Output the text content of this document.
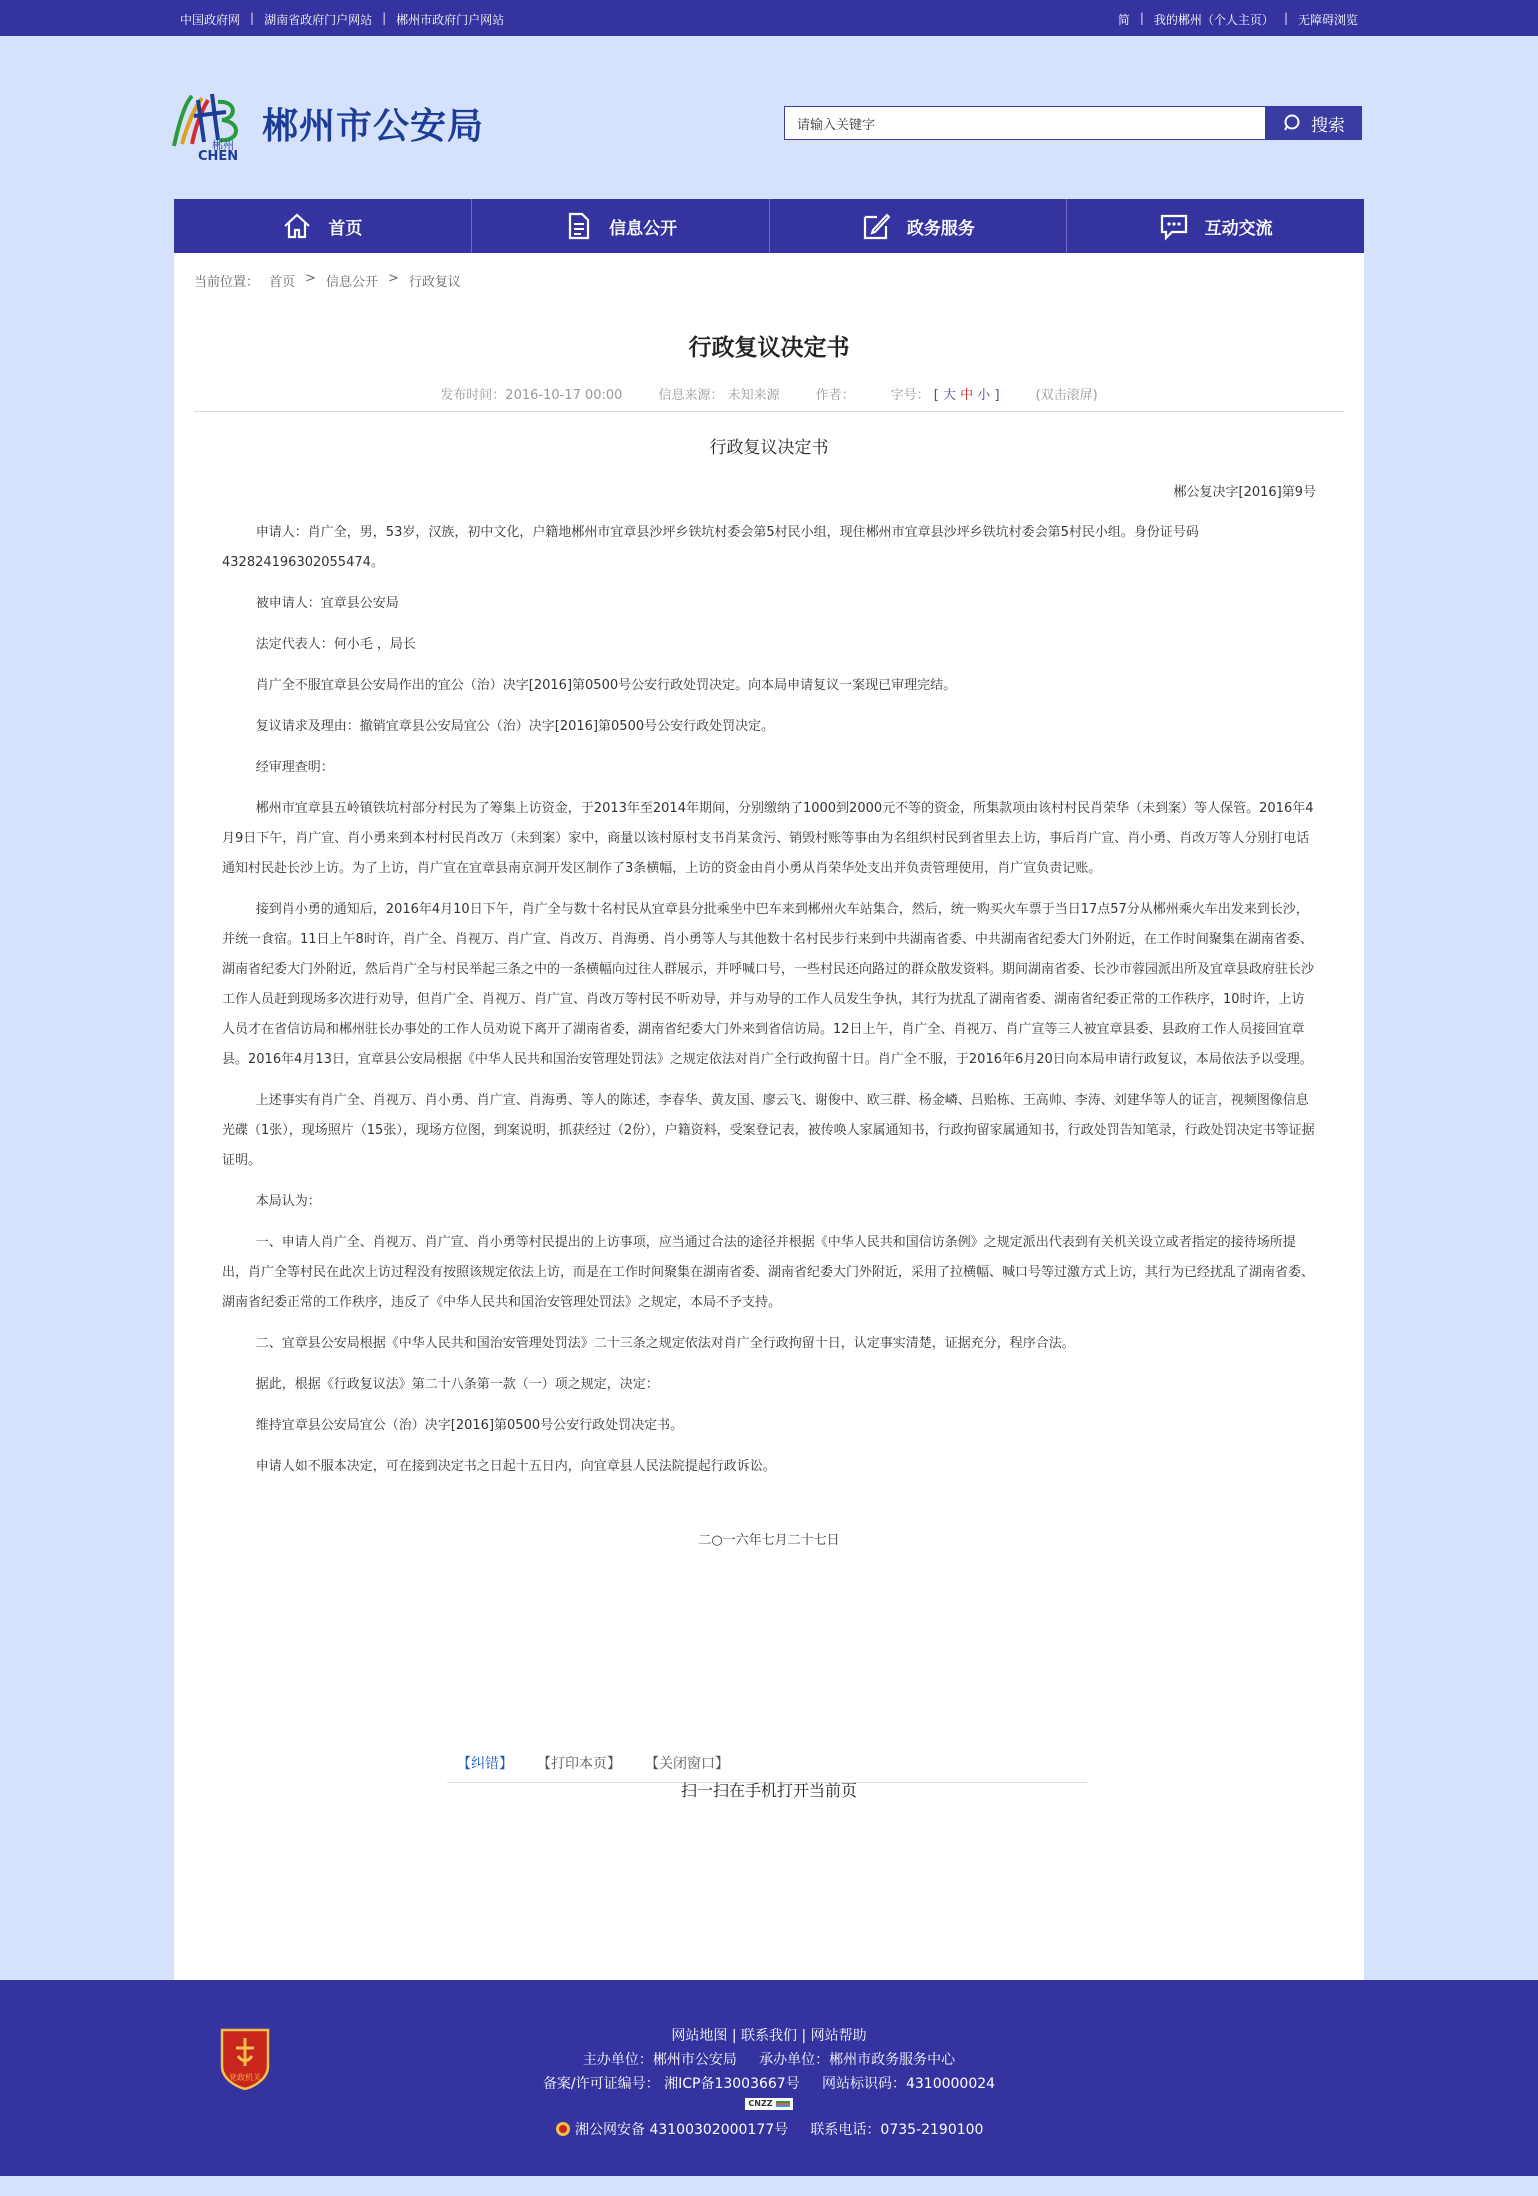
中国政府网 | 湖南省政府门户网站 | 郴州市政府门户网站	简 | 我的郴州（个人主页） | 无障碍浏览
郴州
CHEN
郴州市公安局
请输入关键字	搜索
首页	信息公开	政务服务	互动交流
当前位置： 首页 > 信息公开 > 行政复议
行政复议决定书
发布时间：2016-10-17 00:00	信息来源： 未知来源	作者：	字号： [ 大 中 小 ]	(双击滚屏)
行政复议决定书
郴公复决字[2016]第9号

申请人：肖广全，男，53岁，汉族，初中文化，户籍地郴州市宜章县沙坪乡铁坑村委会第5村民小组，现住郴州市宜章县沙坪乡铁坑村委会第5村民小组。身份证号码432824196302055474。

被申请人：宜章县公安局

法定代表人：何小毛 ，局长

肖广全不服宜章县公安局作出的宜公（治）决字[2016]第0500号公安行政处罚决定。向本局申请复议一案现已审理完结。

复议请求及理由：撤销宜章县公安局宜公（治）决字[2016]第0500号公安行政处罚决定。

经审理查明：

郴州市宜章县五岭镇铁坑村部分村民为了筹集上访资金，于2013年至2014年期间，分别缴纳了1000到2000元不等的资金，所集款项由该村村民肖荣华（未到案）等人保管。2016年4月9日下午，肖广宣、肖小勇来到本村村民肖改万（未到案）家中，商量以该村原村支书肖某贪污、销毁村账等事由为名组织村民到省里去上访，事后肖广宣、肖小勇、肖改万等人分别打电话通知村民赴长沙上访。为了上访，肖广宣在宜章县南京洞开发区制作了3条横幅，上访的资金由肖小勇从肖荣华处支出并负责管理使用，肖广宣负责记账。

接到肖小勇的通知后，2016年4月10日下午，肖广全与数十名村民从宜章县分批乘坐中巴车来到郴州火车站集合，然后，统一购买火车票于当日17点57分从郴州乘火车出发来到长沙，并统一食宿。11日上午8时许，肖广全、肖视万、肖广宣、肖改万、肖海勇、肖小勇等人与其他数十名村民步行来到中共湖南省委、中共湖南省纪委大门外附近，在工作时间聚集在湖南省委、湖南省纪委大门外附近，然后肖广全与村民举起三条之中的一条横幅向过往人群展示，并呼喊口号，一些村民还向路过的群众散发资料。期间湖南省委、长沙市蓉园派出所及宜章县政府驻长沙工作人员赶到现场多次进行劝导，但肖广全、肖视万、肖广宣、肖改万等村民不听劝导，并与劝导的工作人员发生争执，其行为扰乱了湖南省委、湖南省纪委正常的工作秩序，10时许，上访人员才在省信访局和郴州驻长办事处的工作人员劝说下离开了湖南省委，湖南省纪委大门外来到省信访局。12日上午，肖广全、肖视万、肖广宣等三人被宜章县委、县政府工作人员接回宜章县。2016年4月13日，宜章县公安局根据《中华人民共和国治安管理处罚法》之规定依法对肖广全行政拘留十日。肖广全不服，于2016年6月20日向本局申请行政复议，本局依法予以受理。

上述事实有肖广全、肖视万、肖小勇、肖广宣、肖海勇、等人的陈述，李春华、黄友国、廖云飞、谢俊中、欧三群、杨金嶙、吕贻栋、王高帅、李涛、刘建华等人的证言，视频图像信息光碟（1张），现场照片（15张），现场方位图，到案说明，抓获经过（2份），户籍资料，受案登记表，被传唤人家属通知书，行政拘留家属通知书，行政处罚告知笔录，行政处罚决定书等证据证明。

本局认为：

一、申请人肖广全、肖视万、肖广宣、肖小勇等村民提出的上访事项，应当通过合法的途径并根据《中华人民共和国信访条例》之规定派出代表到有关机关设立或者指定的接待场所提出，肖广全等村民在此次上访过程没有按照该规定依法上访，而是在工作时间聚集在湖南省委、湖南省纪委大门外附近，采用了拉横幅、喊口号等过激方式上访，其行为已经扰乱了湖南省委、湖南省纪委正常的工作秩序，违反了《中华人民共和国治安管理处罚法》之规定，本局不予支持。

二、宜章县公安局根据《中华人民共和国治安管理处罚法》二十三条之规定依法对肖广全行政拘留十日，认定事实清楚，证据充分，程序合法。

据此，根据《行政复议法》第二十八条第一款（一）项之规定，决定：

维持宜章县公安局宜公（治）决字[2016]第0500号公安行政处罚决定书。

申请人如不服本决定，可在接到决定书之日起十五日内，向宜章县人民法院提起行政诉讼。

二○一六年七月二十七日
【纠错】 【打印本页】 【关闭窗口】
扫一扫在手机打开当前页
党政机关
网站地图 | 联系我们 | 网站帮助
主办单位：郴州市公安局 承办单位：郴州市政务服务中心
备案/许可证编号： 湘ICP备13003667号 网站标识码：4310000024
CNZZ
湘公网安备 43100302000177号 联系电话：0735-2190100
